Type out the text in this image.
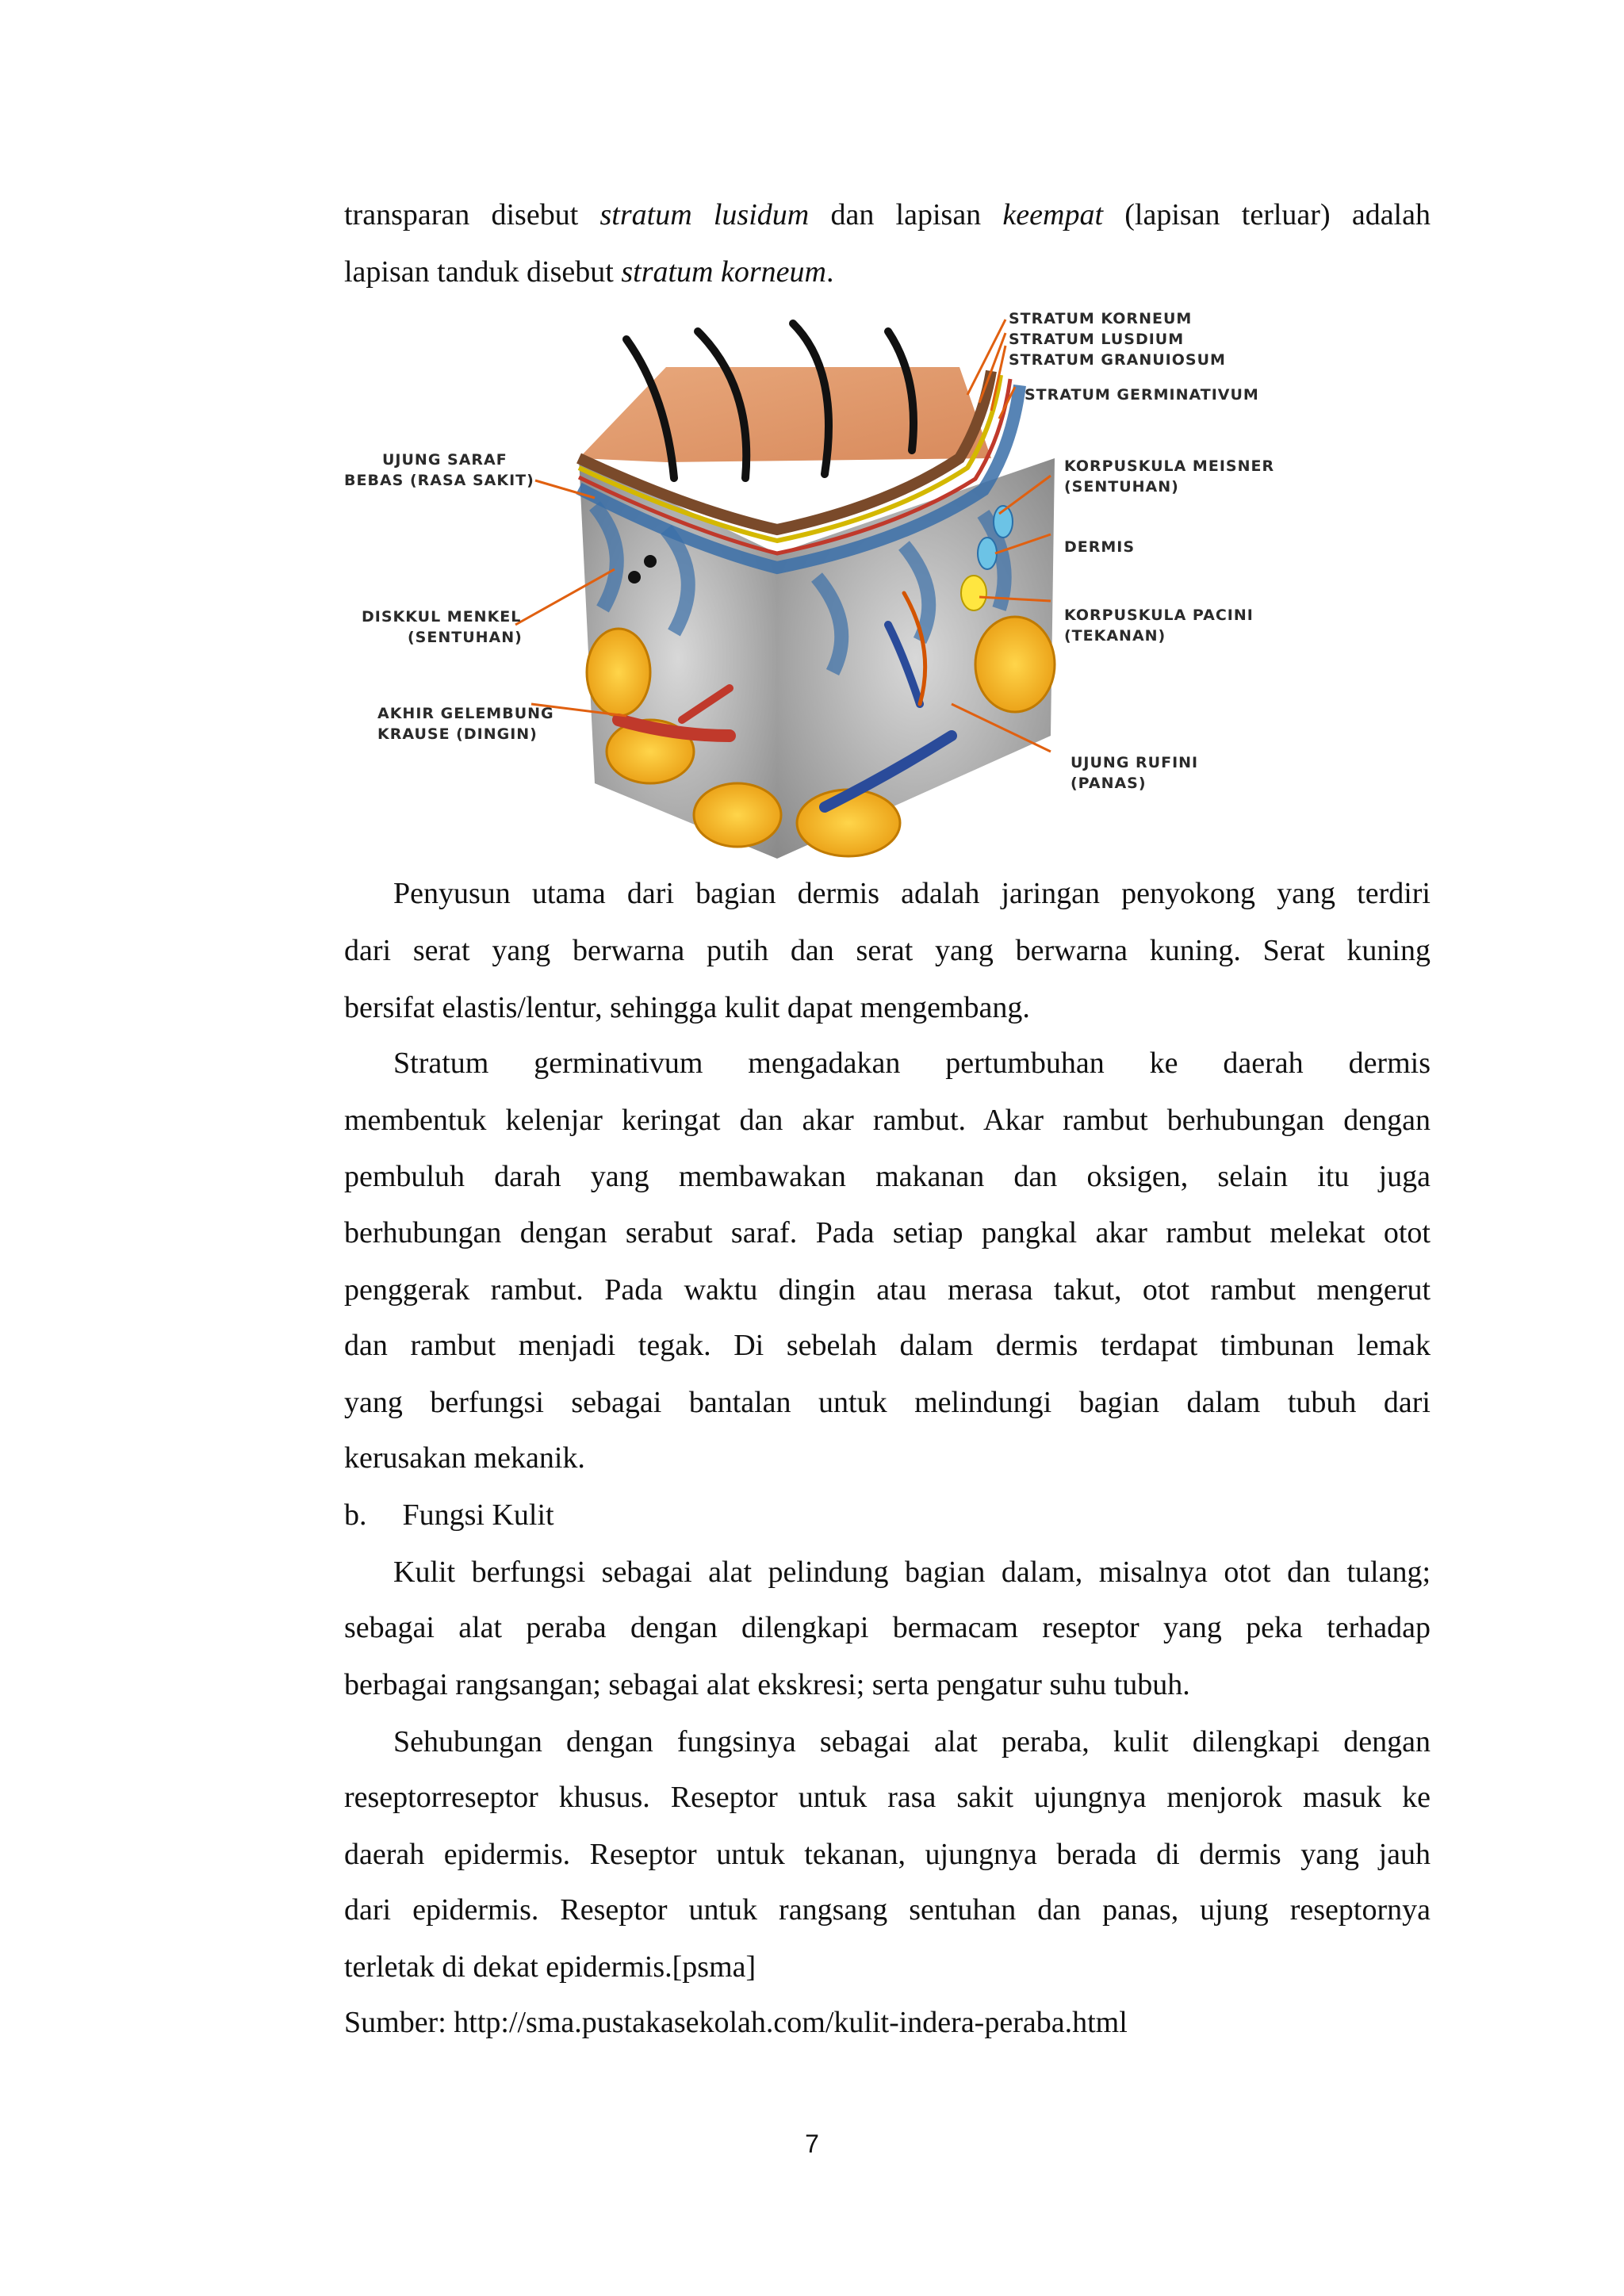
transparan disebut stratum lusidum dan lapisan keempat (lapisan terluar) adalah
lapisan tanduk disebut stratum korneum.
STRATUM KORNEUM
STRATUM LUSDIUM
STRATUM GRANUIOSUM
STRATUM GERMINATIVUM
UJUNG SARAF
BEBAS (RASA SAKIT)
KORPUSKULA MEISNER
(SENTUHAN)
DERMIS
DISKKUL MENKEL
(SENTUHAN)
KORPUSKULA PACINI
(TEKANAN)
AKHIR GELEMBUNG
KRAUSE (DINGIN)
UJUNG RUFINI
(PANAS)
Penyusun utama dari bagian dermis adalah jaringan penyokong yang terdiri
dari serat yang berwarna putih dan serat yang berwarna kuning. Serat kuning
bersifat elastis/lentur, sehingga kulit dapat mengembang.
Stratum germinativum mengadakan pertumbuhan ke daerah dermis
membentuk kelenjar keringat dan akar rambut. Akar rambut berhubungan dengan
pembuluh darah yang membawakan makanan dan oksigen, selain itu juga
berhubungan dengan serabut saraf. Pada setiap pangkal akar rambut melekat otot
penggerak rambut. Pada waktu dingin atau merasa takut, otot rambut mengerut
dan rambut menjadi tegak. Di sebelah dalam dermis terdapat timbunan lemak
yang berfungsi sebagai bantalan untuk melindungi bagian dalam tubuh dari
kerusakan mekanik.
b. Fungsi Kulit
Kulit berfungsi sebagai alat pelindung bagian dalam, misalnya otot dan tulang;
sebagai alat peraba dengan dilengkapi bermacam reseptor yang peka terhadap
berbagai rangsangan; sebagai alat ekskresi; serta pengatur suhu tubuh.
Sehubungan dengan fungsinya sebagai alat peraba, kulit dilengkapi dengan
reseptorreseptor khusus. Reseptor untuk rasa sakit ujungnya menjorok masuk ke
daerah epidermis. Reseptor untuk tekanan, ujungnya berada di dermis yang jauh
dari epidermis. Reseptor untuk rangsang sentuhan dan panas, ujung reseptornya
terletak di dekat epidermis.[psma]
Sumber: http://sma.pustakasekolah.com/kulit-indera-peraba.html
7
